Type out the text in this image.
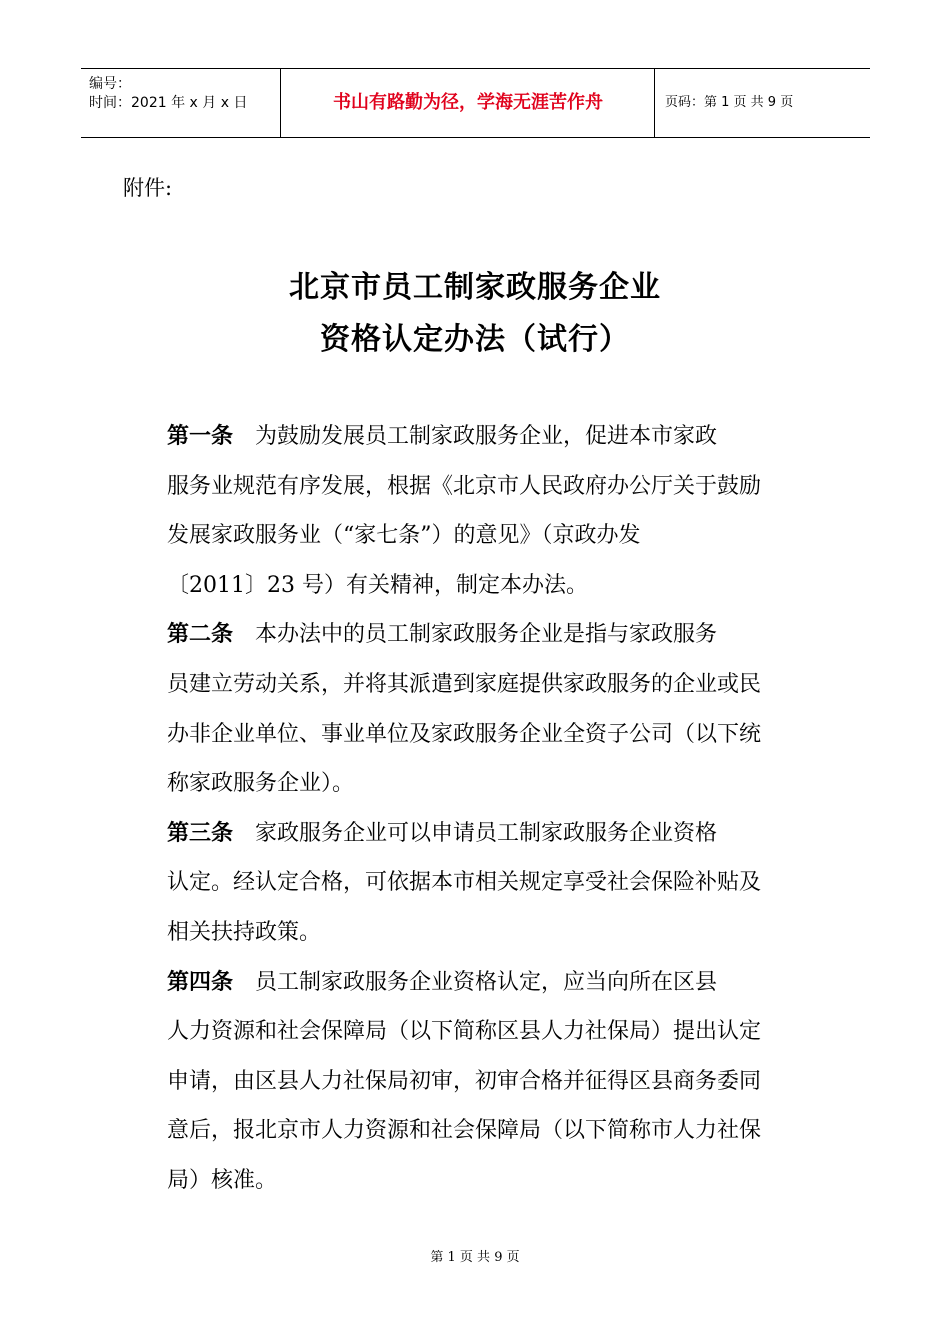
编号：
时间：2021 年 x 月 x 日	书山有路勤为径，学海无涯苦作舟	页码：第 1 页 共 9 页
附件:
北京市员工制家政服务企业
资格认定办法（试行）

第一条 为鼓励发展员工制家政服务企业，促进本市家政
服务业规范有序发展，根据《北京市人民政府办公厅关于鼓励
发展家政服务业（“家七条”）的意见》（京政办发
〔2011〕23 号）有关精神，制定本办法。

第二条 本办法中的员工制家政服务企业是指与家政服务
员建立劳动关系，并将其派遣到家庭提供家政服务的企业或民
办非企业单位、事业单位及家政服务企业全资子公司（以下统
称家政服务企业）。

第三条 家政服务企业可以申请员工制家政服务企业资格
认定。经认定合格，可依据本市相关规定享受社会保险补贴及
相关扶持政策。

第四条 员工制家政服务企业资格认定，应当向所在区县
人力资源和社会保障局（以下简称区县人力社保局）提出认定
申请，由区县人力社保局初审，初审合格并征得区县商务委同
意后，报北京市人力资源和社会保障局（以下简称市人力社保
局）核准。

第 1 页 共 9 页
